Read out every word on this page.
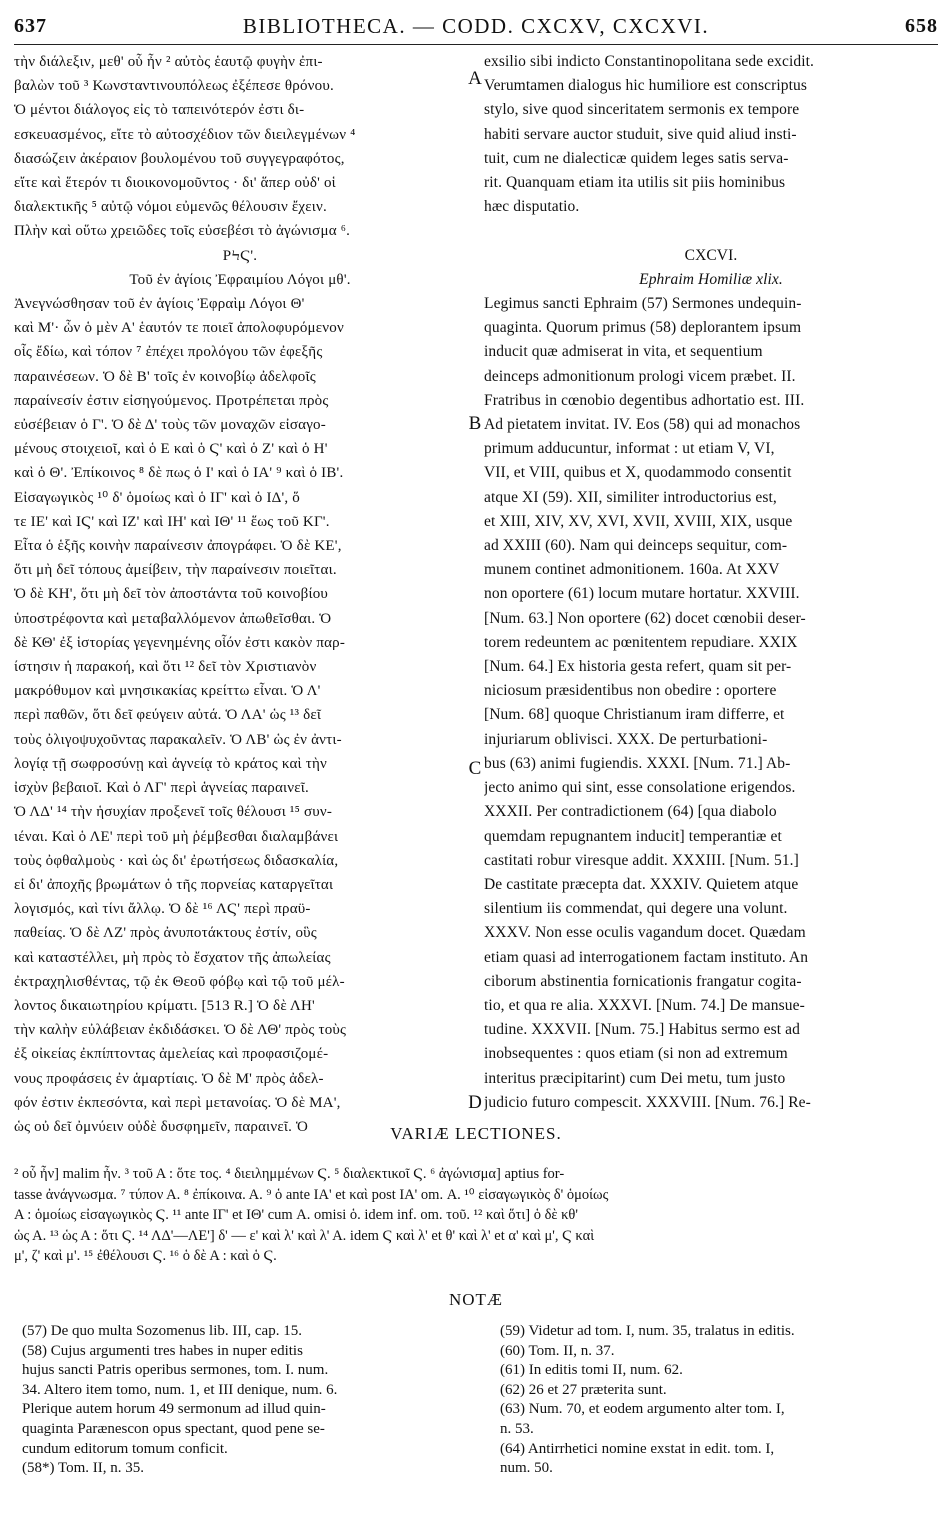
637	BIBLIOTHECA. — CODD. CXCXV, CXCXVI.	658
τὴν διάλεξιν, μεθ' οὗ ἦν ² αὐτὸς ἑαυτῷ φυγὴν ἐπι-
βαλὼν τοῦ ³ Κωνσταντινουπόλεως ἐξέπεσε θρόνου.
Ὁ μέντοι διάλογος εἰς τὸ ταπεινότερόν ἐστι δι-
εσκευασμένος, εἴτε τὸ αὐτοσχέδιον τῶν διειλεγμένων ⁴
διασώζειν ἀκέραιον βουλομένου τοῦ συγγεγραφότος,
εἴτε καὶ ἕτερόν τι διοικονομοῦντος · δι' ἅπερ οὐδ' οἱ
διαλεκτικῆς ⁵ αὐτῷ νόμοι εὐμενῶς θέλουσιν ἔχειν.
Πλὴν καὶ οὕτω χρειῶδες τοῖς εὐσεβέσι τὸ ἀγώνισμα ⁶.
PϞϚ'.
Τοῦ ἐν ἁγίοις Ἐφραιμίου Λόγοι μθ'.
Ἀνεγνώσθησαν τοῦ ἐν ἁγίοις Ἐφραὶμ Λόγοι Θ'
καὶ Μ'· ὧν ὁ μὲν Α' ἑαυτόν τε ποιεῖ ἀπολοφυρόμενον
οἷς ἔδίω, καὶ τόπον ⁷ ἐπέχει προλόγου τῶν ἐφεξῆς
παραινέσεων. Ὁ δὲ Β' τοῖς ἐν κοινοβίῳ ἀδελφοῖς
παραίνεσίν ἐστιν εἰσηγούμενος. Προτρέπεται πρὸς
εὐσέβειαν ὁ Γ'. Ὁ δὲ Δ' τοὺς τῶν μοναχῶν εἰσαγο-
μένους στοιχειοῖ, καὶ ὁ Ε καὶ ὁ Ϛ' καὶ ὁ Ζ' καὶ ὁ Η'
καὶ ὁ Θ'. Ἐπίκοινος ⁸ δὲ πως ὁ Ι' καὶ ὁ ΙΑ' ⁹ καὶ ὁ ΙΒ'.
Εἰσαγωγικὸς ¹⁰ δ' ὁμοίως καὶ ὁ ΙΓ' καὶ ὁ ΙΔ', ὅ
τε ΙΕ' καὶ ΙϚ' καὶ ΙΖ' καὶ ΙΗ' καὶ ΙΘ' ¹¹ ἕως τοῦ ΚΓ'.
Εἶτα ὁ ἑξῆς κοινὴν παραίνεσιν ἀπογράφει. Ὁ δὲ ΚΕ',
ὅτι μὴ δεῖ τόπους ἀμείβειν, τὴν παραίνεσιν ποιεῖται.
Ὁ δὲ ΚΗ', ὅτι μὴ δεῖ τὸν ἀποστάντα τοῦ κοινοβίου
ὑποστρέφοντα καὶ μεταβαλλόμενον ἀπωθεῖσθαι. Ὁ
δὲ ΚΘ' ἐξ ἱστορίας γεγενημένης οἷόν ἐστι κακὸν παρ-
ίστησιν ἡ παρακοή, καὶ ὅτι ¹² δεῖ τὸν Χριστιανὸν
μακρόθυμον καὶ μνησικακίας κρείττω εἶναι. Ὁ Λ'
περὶ παθῶν, ὅτι δεῖ φεύγειν αὐτά. Ὁ ΛΑ' ὡς ¹³ δεῖ
τοὺς ὀλιγοψυχοῦντας παρακαλεῖν. Ὁ ΛΒ' ὡς ἐν ἀντι-
λογίᾳ τῇ σωφροσύνῃ καὶ ἁγνείᾳ τὸ κράτος καὶ τὴν
ἰσχὺν βεβαιοῖ. Καὶ ὁ ΛΓ' περὶ ἁγνείας παραινεῖ.
Ὁ ΛΔ' ¹⁴ τὴν ἡσυχίαν προξενεῖ τοῖς θέλουσι ¹⁵ συν-
ιέναι. Καὶ ὁ ΛΕ' περὶ τοῦ μὴ ῥέμβεσθαι διαλαμβάνει
τοὺς ὀφθαλμοὺς · καὶ ὡς δι' ἐρωτήσεως διδασκαλία,
εἰ δι' ἀποχῆς βρωμάτων ὁ τῆς πορνείας καταργεῖται
λογισμός, καὶ τίνι ἄλλῳ. Ὁ δὲ ¹⁶ ΛϚ' περὶ πραϋ-
παθείας. Ὁ δὲ ΛΖ' πρὸς ἀνυποτάκτους ἐστίν, οὓς
καὶ καταστέλλει, μὴ πρὸς τὸ ἔσχατον τῆς ἀπωλείας
ἐκτραχηλισθέντας, τῷ ἐκ Θεοῦ φόβῳ καὶ τῷ τοῦ μέλ-
λοντος δικαιωτηρίου κρίματι. [513 R.] Ὁ δὲ ΛΗ'
τὴν καλὴν εὐλάβειαν ἐκδιδάσκει. Ὁ δὲ ΛΘ' πρὸς τοὺς
ἐξ οἰκείας ἐκπίπτοντας ἀμελείας καὶ προφασιζομέ-
νους προφάσεις ἐν ἁμαρτίαις. Ὁ δὲ Μ' πρὸς ἀδελ-
φόν ἐστιν ἐκπεσόντα, καὶ περὶ μετανοίας. Ὁ δὲ ΜΑ',
ὡς οὐ δεῖ ὀμνύειν οὐδὲ δυσφημεῖν, παραινεῖ. Ὁ
A
B
C
D
exsilio sibi indicto Constantinopolitana sede excidit.
Verumtamen dialogus hic humiliore est conscriptus
stylo, sive quod sinceritatem sermonis ex tempore
habiti servare auctor studuit, sive quid aliud insti-
tuit, cum ne dialecticæ quidem leges satis serva-
rit. Quanquam etiam ita utilis sit piis hominibus
hæc disputatio.

CXCVI.
Ephraim Homiliæ xlix.
Legimus sancti Ephraim (57) Sermones undequin-
quaginta. Quorum primus (58) deplorantem ipsum
inducit quæ admiserat in vita, et sequentium
deinceps admonitionum prologi vicem præbet. II.
Fratribus in cœnobio degentibus adhortatio est. III.
Ad pietatem invitat. IV. Eos (58) qui ad monachos
primum adducuntur, informat : ut etiam V, VI,
VII, et VIII, quibus et X, quodammodo consentit
atque XI (59). XII, similiter introductorius est,
et XIII, XIV, XV, XVI, XVII, XVIII, XIX, usque
ad XXIII (60). Nam qui deinceps sequitur, com-
munem continet admonitionem. 160a. At XXV
non oportere (61) locum mutare hortatur. XXVIII.
[Num. 63.] Non oportere (62) docet cœnobii deser-
torem redeuntem ac pœnitentem repudiare. XXIX
[Num. 64.] Ex historia gesta refert, quam sit per-
niciosum præsidentibus non obedire : oportere
[Num. 68] quoque Christianum iram differre, et
injuriarum oblivisci. XXX. De perturbationi-
bus (63) animi fugiendis. XXXI. [Num. 71.] Ab-
jecto animo qui sint, esse consolatione erigendos.
XXXII. Per contradictionem (64) [qua diabolo
quemdam repugnantem inducit] temperantiæ et
castitati robur viresque addit. XXXIII. [Num. 51.]
De castitate præcepta dat. XXXIV. Quietem atque
silentium iis commendat, qui degere una volunt.
XXXV. Non esse oculis vagandum docet. Quædam
etiam quasi ad interrogationem factam instituto. An
ciborum abstinentia fornicationis frangatur cogita-
tio, et qua re alia. XXXVI. [Num. 74.] De mansue-
tudine. XXXVII. [Num. 75.] Habitus sermo est ad
inobsequentes : quos etiam (si non ad extremum
interitus præcipitarint) cum Dei metu, tum justo
judicio futuro compescit. XXXVIII. [Num. 76.] Re-
VARIÆ LECTIONES.
² οὗ ἦν] malim ἦν. ³ τοῦ Α : ὅτε τος. ⁴ διειλημμένων Ϛ. ⁵ διαλεκτικοῖ Ϛ. ⁶ ἀγώνισμα] aptius for-
tasse ἀνάγνωσμα. ⁷ τύπον Α. ⁸ ἐπίκοινα. Α. ⁹ ὁ ante ΙΑ' et καὶ post ΙΑ' om. Α. ¹⁰ εἰσαγωγικὸς δ' ὁμοίως
Α : ὁμοίως εἰσαγωγικὸς Ϛ. ¹¹ ante ΙΓ' et ΙΘ' cum Α. omisi ὁ. idem inf. om. τοῦ. ¹² καὶ ὅτι] ὁ δὲ κθ'
ὡς Α. ¹³ ὡς Α : ὅτι Ϛ. ¹⁴ ΛΔ'—ΛΕ'] δ' — ε' καὶ λ' καὶ λ' Α. idem Ϛ καὶ λ' et θ' καὶ λ' et α' καὶ μ', Ϛ καὶ
μ', ζ' καὶ μ'. ¹⁵ ἐθέλουσι Ϛ. ¹⁶ ὁ δὲ Α : καὶ ὁ Ϛ.
NOTÆ
(57) De quo multa Sozomenus lib. III, cap. 15.
(58) Cujus argumenti tres habes in nuper editis
hujus sancti Patris operibus sermones, tom. I. num.
34. Altero item tomo, num. 1, et III denique, num. 6.
Plerique autem horum 49 sermonum ad illud quin-
quaginta Parænescon opus spectant, quod pene se-
cundum editorum tomum conficit.
(58*) Tom. II, n. 35.
(59) Videtur ad tom. I, num. 35, tralatus in editis.
(60) Tom. II, n. 37.
(61) In editis tomi II, num. 62.
(62) 26 et 27 præterita sunt.
(63) Num. 70, et eodem argumento alter tom. I,
n. 53.
(64) Antirrhetici nomine exstat in edit. tom. I,
num. 50.
